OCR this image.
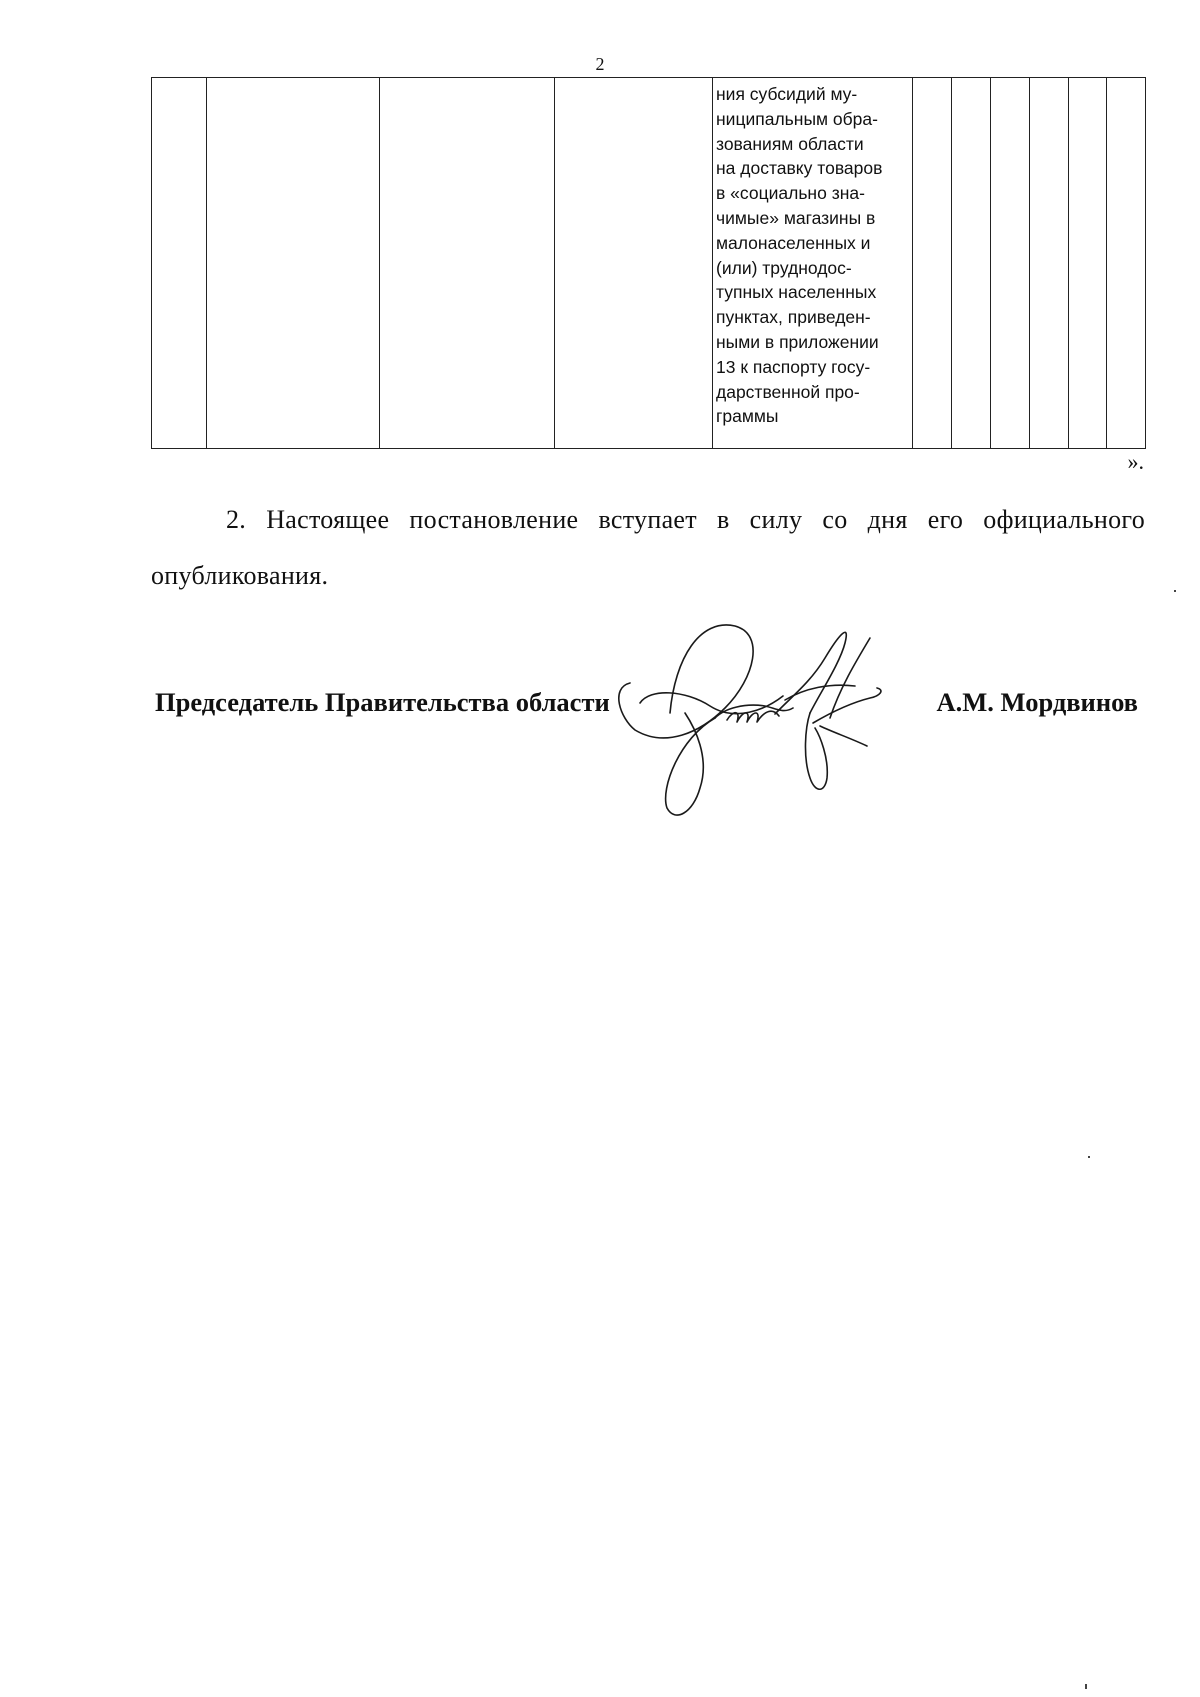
2

ния субсидий му-
ниципальным обра-
зованиям области
на доставку товаров
в «социально зна-
чимые» магазины в
малонаселенных и
(или) труднодос-
тупных населенных
пунктах, приведен-
ными в приложении
13 к паспорту госу-
дарственной про-
граммы

».

2. Настоящее постановление вступает в силу со дня его официального опубликования.

Председатель Правительства области	А.М. Мордвинов
